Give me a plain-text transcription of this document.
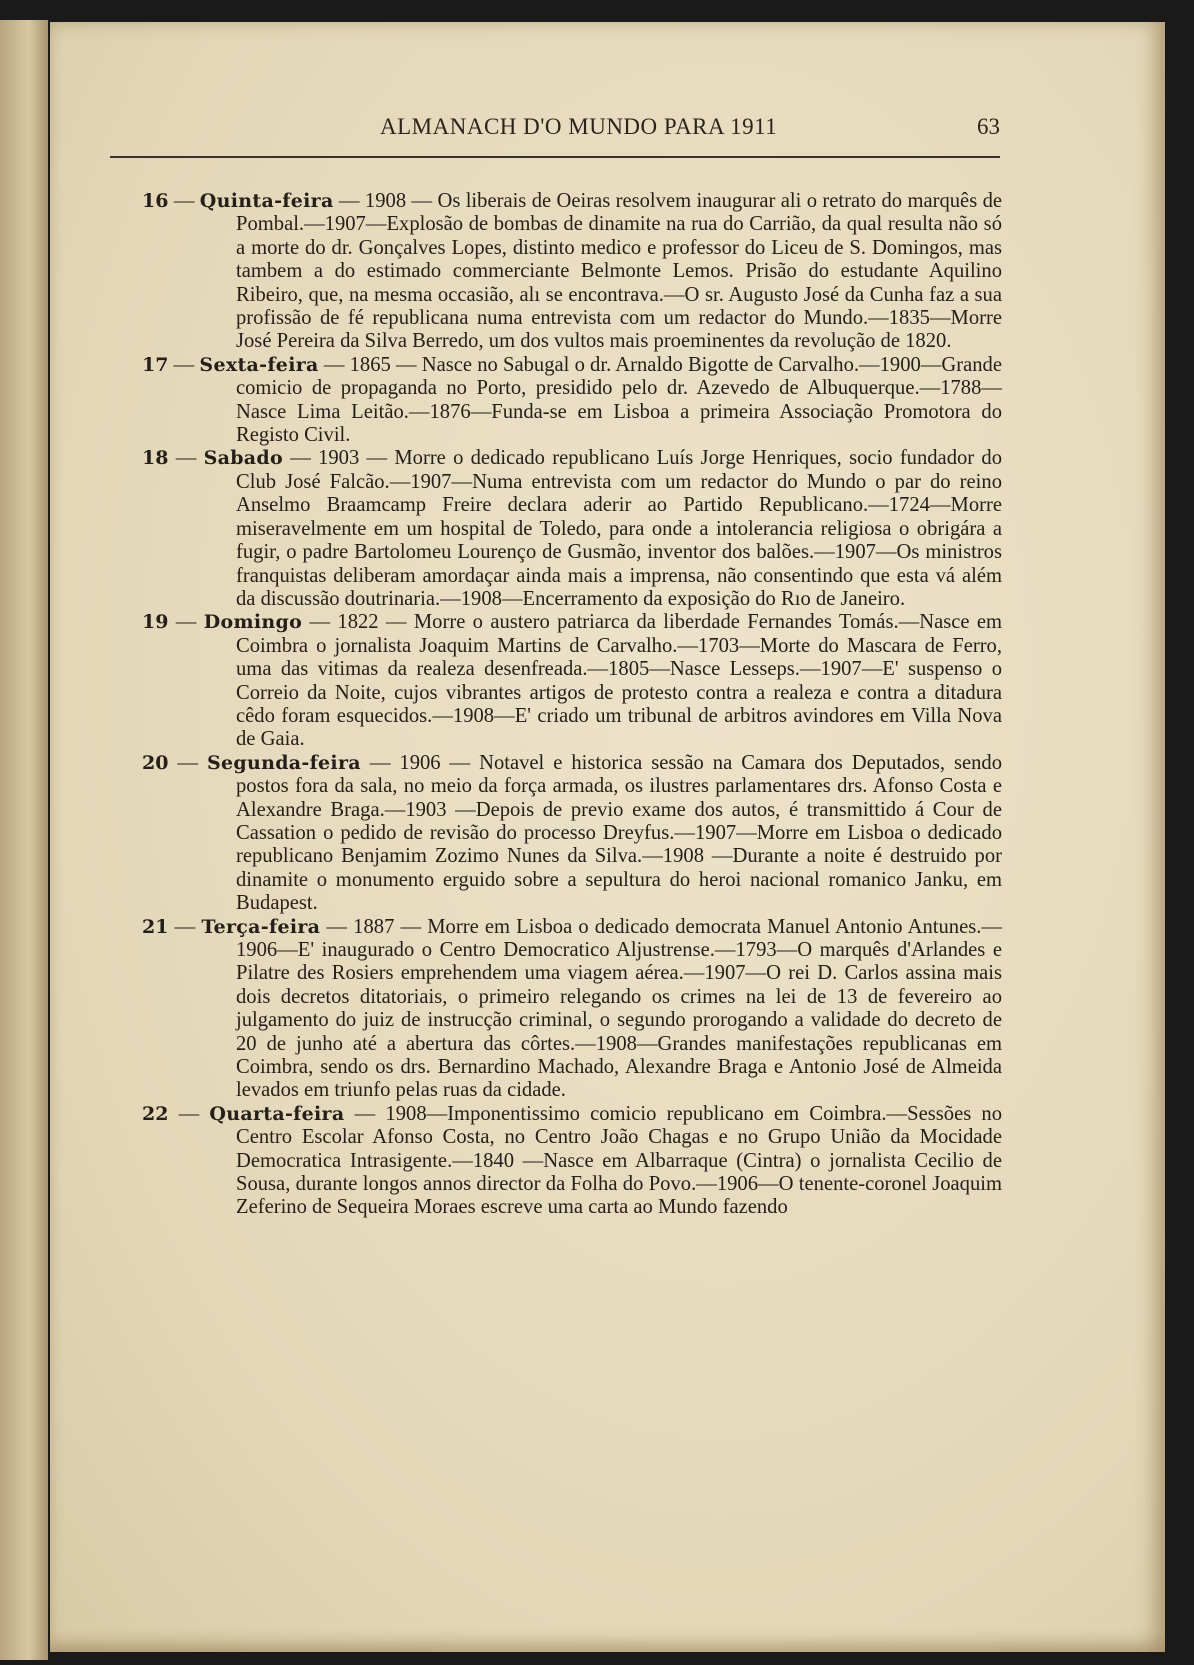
ALMANACH D'O MUNDO PARA 1911	63

16 — Quinta-feira — 1908 — Os liberais de Oeiras resolvem inaugurar ali o retrato do marquês de Pombal.—1907—Explosão de bombas de dinamite na rua do Carrião, da qual resulta não só a morte do dr. Gonçalves Lopes, distinto medico e professor do Liceu de S. Domingos, mas tambem a do estimado commerciante Belmonte Lemos. Prisão do estudante Aquilino Ribeiro, que, na mesma occasião, alı se encontrava.—O sr. Augusto José da Cunha faz a sua profissão de fé republicana numa entrevista com um redactor do Mundo.—1835—Morre José Pereira da Silva Berredo, um dos vultos mais proeminentes da revolução de 1820.

17 — Sexta-feira — 1865 — Nasce no Sabugal o dr. Arnaldo Bigotte de Carvalho.—1900—Grande comicio de propaganda no Porto, presidido pelo dr. Azevedo de Albuquerque.—1788—Nasce Lima Leitão.—1876—Funda-se em Lisboa a primeira Associação Promotora do Registo Civil.

18 — Sabado — 1903 — Morre o dedicado republicano Luís Jorge Henriques, socio fundador do Club José Falcão.—1907—Numa entrevista com um redactor do Mundo o par do reino Anselmo Braamcamp Freire declara aderir ao Partido Republicano.—1724—Morre miseravelmente em um hospital de Toledo, para onde a intolerancia religiosa o obrigára a fugir, o padre Bartolomeu Lourenço de Gusmão, inventor dos balões.—1907—Os ministros franquistas deliberam amordaçar ainda mais a imprensa, não consentindo que esta vá além da discussão doutrinaria.—1908—Encerramento da exposição do Rıo de Janeiro.

19 — Domingo — 1822 — Morre o austero patriarca da liberdade Fernandes Tomás.—Nasce em Coimbra o jornalista Joaquim Martins de Carvalho.—1703—Morte do Mascara de Ferro, uma das vitimas da realeza desenfreada.—1805—Nasce Lesseps.—1907—E' suspenso o Correio da Noite, cujos vibrantes artigos de protesto contra a realeza e contra a ditadura cêdo foram esquecidos.—1908—E' criado um tribunal de arbitros avindores em Villa Nova de Gaia.

20 — Segunda-feira — 1906 — Notavel e historica sessão na Camara dos Deputados, sendo postos fora da sala, no meio da força armada, os ilustres parlamentares drs. Afonso Costa e Alexandre Braga.—1903 —Depois de previo exame dos autos, é transmittido á Cour de Cassation o pedido de revisão do processo Dreyfus.—1907—Morre em Lisboa o dedicado republicano Benjamim Zozimo Nunes da Silva.—1908 —Durante a noite é destruido por dinamite o monumento erguido sobre a sepultura do heroi nacional romanico Janku, em Budapest.

21 — Terça-feira — 1887 — Morre em Lisboa o dedicado democrata Manuel Antonio Antunes.—1906—E' inaugurado o Centro Democratico Aljustrense.—1793—O marquês d'Arlandes e Pilatre des Rosiers emprehendem uma viagem aérea.—1907—O rei D. Carlos assina mais dois decretos ditatoriais, o primeiro relegando os crimes na lei de 13 de fevereiro ao julgamento do juiz de instrucção criminal, o segundo prorogando a validade do decreto de 20 de junho até a abertura das côrtes.—1908—Grandes manifestações republicanas em Coimbra, sendo os drs. Bernardino Machado, Alexandre Braga e Antonio José de Almeida levados em triunfo pelas ruas da cidade.

22 — Quarta-feira — 1908—Imponentissimo comicio republicano em Coimbra.—Sessões no Centro Escolar Afonso Costa, no Centro João Chagas e no Grupo União da Mocidade Democratica Intrasigente.—1840 —Nasce em Albarraque (Cintra) o jornalista Cecilio de Sousa, durante longos annos director da Folha do Povo.—1906—O tenente-coronel Joaquim Zeferino de Sequeira Moraes escreve uma carta ao Mundo fazendo
